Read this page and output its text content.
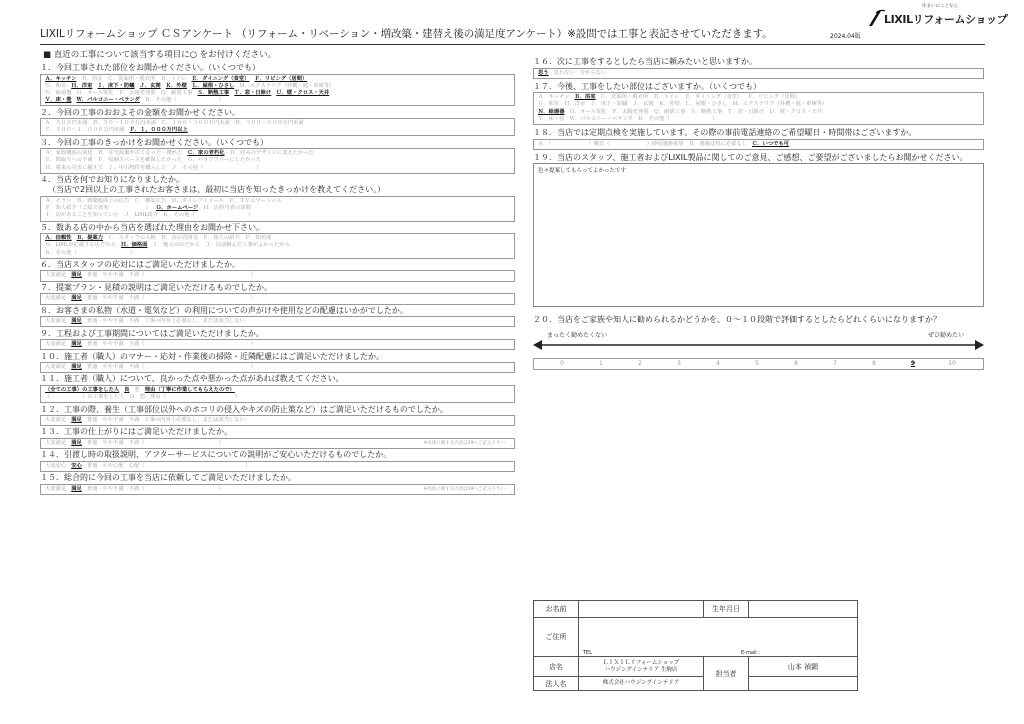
LIXILリフォームショップ ＣＳアンケート （リフォーム・リベーション・増改築・建替え後の満足度アンケート）※設問では工事と表記させていただきます。	2024.04版
住まいのことなら
LIXILリフォームショップ
■ 直近の工事について該当する項目に○ をお付けください。
１．今回工事された部位をお聞かせください。（いくつでも）
Ａ．キッチン Ｂ．浴室 Ｃ．洗面所・脱衣所 Ｄ．トイレ Ｅ．ダイニング（食堂） Ｆ．リビング（居間）
Ｇ．和室 Ｈ．洋室 Ｉ．床下・防蟻 Ｊ．玄関 Ｋ．外壁 Ｌ．屋根・ひさし Ｍ．エクステリア（外構・庭・車庫等）
Ｎ．給湯器 Ｏ．オール電化 Ｐ．太陽光発電 Ｑ．耐震工事 Ｓ．断熱工事 Ｔ．窓・日除け Ｕ．壁・クロス・天井
Ｖ．床・畳 Ｗ．バルコニー・ベランダ Ｒ．その他（　　　　　　　　）
２．今回の工事のおおよその金額をお聞かせください。
Ａ．５０万円未満 Ｂ．５０～１００万円未満 Ｃ．１００～３００万円未満 Ｄ．３００～５００万円未満
Ｅ．５００～１，０００万円未満 Ｆ．１，０００万円以上
３．今回の工事のきっかけをお聞かせください。（いくつでも）
Ａ．家族構成の変化 Ｂ．住宅設備が古くなった・壊れた Ｃ．家の老朽化 Ｄ．好みのデザインに変えたかった
Ｅ．間取りへの不満 Ｆ．収納スペースを確保したかった Ｇ．バリアフリーにしたかった
Ｈ．将来の災害に備えて Ｉ．中古物件を購入した Ｊ．その他（　　　　　　　　　　）
４．当店を何でお知りになりましたか。
（当店で2回以上の工事されたお客さまは、最初に当店を知ったきっかけを教えてください。）
Ａ．チラシ Ｂ．新聞紙面上の広告 Ｃ．雑誌広告 Ｄ．ダイレクトメール Ｅ．ＴＶコマーシャル
Ｆ．知人紹介（ご紹介者名　　　　　　　） Ｇ．ホームページ Ｈ．店担当者の訪問
Ｉ．店があることを知っていた Ｊ．LIXIL紹介 Ｋ．その他（　　　　　　　　　　）
５．数ある店の中から当店を選ばれた理由をお聞かせ下さい。
Ａ．信頼性 Ｂ．提案力 Ｃ．スタッフの人柄 Ｄ．店の雰囲気 Ｅ．知人の紹介 Ｆ．知名度
Ｇ．LIXILが応援する店だから Ｈ．価格面 Ｉ．地元の店だから Ｊ．以前頼んだ工事がよかったから
Ｋ．その他（　　　　　　　　　　）
６．当店スタッフの応対にはご満足いただけましたか。
大変満足 満足 普通 やや不満 不満（　　　　　　　　　　　　　　　　　　　　）
７．提案プラン・見積の説明はご満足いただけるものでしたか。
大変満足 満足 普通 やや不満 不満（　　　　　　　　　　　　　　　　　　　　）
８．お客さまの私物（水道・電気など）の利用についての声がけや使用などの配慮はいかがでしたか。
大変満足 満足 普通 やや不満 不満 工事の内容上必要なし、または該当しない
９．工程および工事期間についてはご満足いただけましたか。
大変満足 満足 普通 やや不満 不満（　　　　　　　　　　　　　　　　　　　　）
１０．施工者（職人）のマナー・応対・作業後の掃除・近隣配慮にはご満足いただけましたか。
大変満足 満足 普通 やや不満 不満（　　　　　　　　　　　　　　　　　　　　）
１１．施工者（職人）について、良かった点や悪かった点があれば教えてください。
（全ての工事）の工事をした人 良 悪 理由（丁寧に作業してもらえたので）
（　　　　　　）の工事をした人 良 悪 理由（　　　　　　　　　　　　　）
１２．工事の際、養生（工事部位以外へのホコリの侵入やキズの防止策など）はご満足いただけるものでしたか。
大変満足 満足 普通 やや不満 不満 工事の内容上必要なし、または該当しない
１３．工事の仕上がりにはご満足いただけましたか。
大変満足 満足 普通 やや不満 不満（　　　　　　　　　　　　　　）	※具体に関する内容は19へご記入下さい
１４．引渡し時の取扱説明、アフターサービスについての説明がご安心いただけるものでしたか。
大変安心 安心 普通 やや心配 心配（　　　　　　　　　　　　　　　　　　　）
１５．総合的に今回の工事を当店に依頼してご満足いただけましたか。
大変満足 満足 普通 やや不満 不満（　　　　　　　　　　　　　　）	※具体に関する内容は19へご記入下さい
１６．次に工事をするとしたら当店に頼みたいと思いますか。
思う 思わない 分からない
１７．今後、工事をしたい部位はございますか。（いくつでも）
Ａ．キッチン Ｂ．浴室 Ｃ．洗面所・脱衣所 Ｄ．トイレ Ｅ．ダイニング（食堂） Ｆ．リビング（居間）
Ｇ．和室 Ｈ．洋室 Ｉ．床下・防蟻 Ｊ．玄関 Ｋ．外壁 Ｌ．屋根・ひさし Ｍ．エクステリア（外構・庭・車庫等）
Ｎ．給湯器 Ｏ．オール電化 Ｐ．太陽光発電 Ｑ．耐震工事 Ｓ．断熱工事 Ｔ．窓・日除け Ｕ．壁・クロス・天井
Ｖ．床・畳 Ｗ．バルコニー・ベランダ Ｒ．その他（　　　　　　　　）
１８．当店では定期点検を実施しています。その際の事前電話連絡のご希望曜日・時間帯はございますか。
Ａ．（　　　　　　　）曜日（　　　　　　　）時頃連絡希望 Ｂ．連絡は特に必要なし Ｃ．いつでも可
１９．当店のスタッフ、施工者およびLIXIL製品に関してのご意見、ご感想、ご要望がございましたらお聞かせください。
色々提案してもらってよかったです
２０．当店をご家族や知人に勧められるかどうかを、０～１０段階で評価するとしたらどれくらいになりますか？
まったく勧めたくない	ぜひ勧めたい
0	1	2	3	4	5	6	7	8	9	10
お名前		生年月日	
ご住所	TEL E-mail :		

店名	ＬＩＸＩＬリフォームショップ
ハウジングインテリア 生駒店	担当者	山本 禎顕
法人名	株式会社ハウジングインテリア		
